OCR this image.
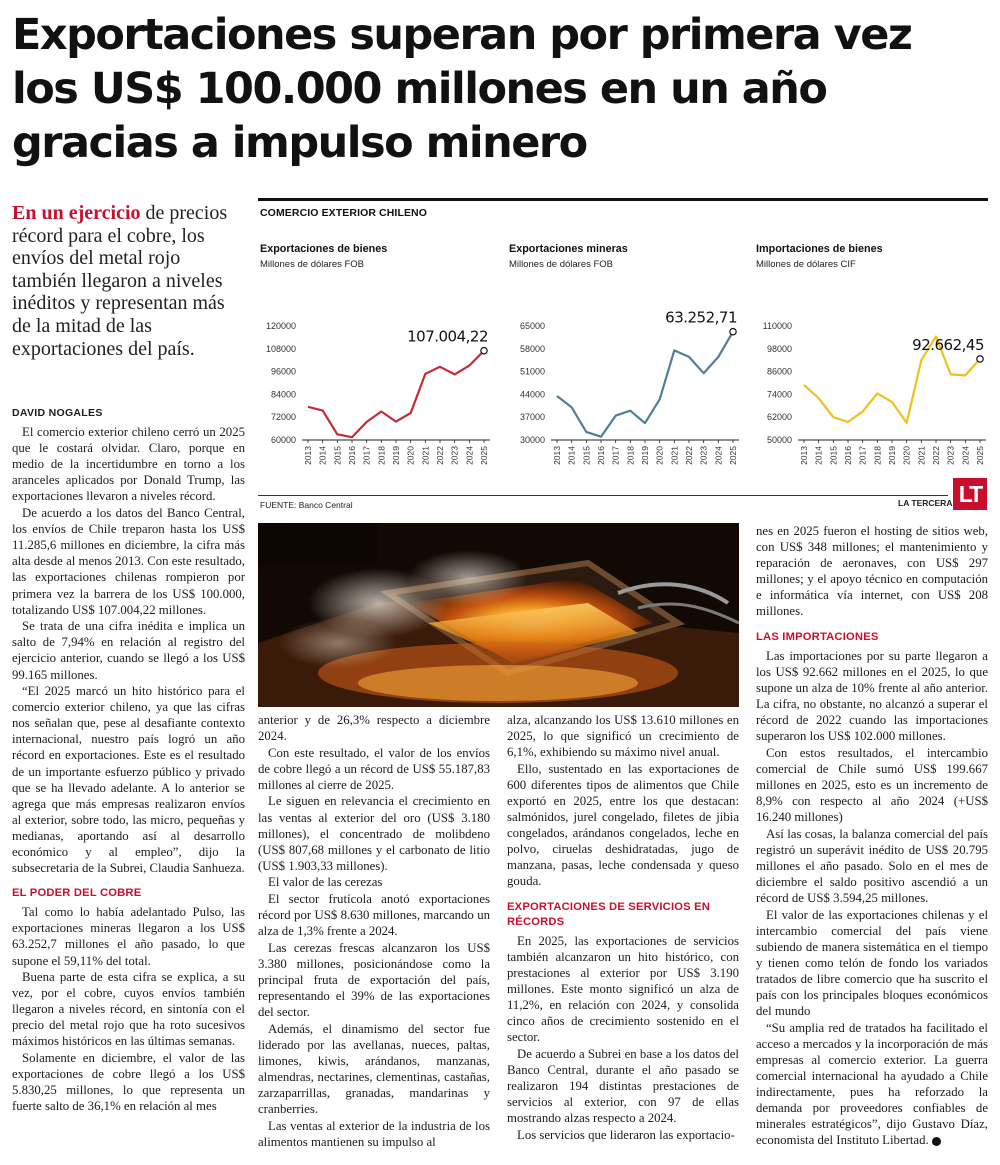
Exportaciones superan por primera vez los US$ 100.000 millones en un año gracias a impulso minero
En un ejercicio de precios récord para el cobre, los envíos del metal rojo también llegaron a niveles inéditos y representan más de la mitad de las exportaciones del país.
DAVID NOGALES

El comercio exterior chileno cerró un 2025 que le costará olvidar. Claro, porque en medio de la incertidumbre en torno a los aranceles aplicados por Donald Trump, las exportaciones llevaron a niveles récord.

De acuerdo a los datos del Banco Central, los envíos de Chile treparon hasta los US$ 11.285,6 millones en diciembre, la cifra más alta desde al menos 2013. Con este resultado, las exportaciones chilenas rompieron por primera vez la barrera de los US$ 100.000, totalizando US$ 107.004,22 millones.

Se trata de una cifra inédita e implica un salto de 7,94% en relación al registro del ejercicio anterior, cuando se llegó a los US$ 99.165 millones.

“El 2025 marcó un hito histórico para el comercio exterior chileno, ya que las cifras nos señalan que, pese al desafiante contexto internacional, nuestro país logró un año récord en exportaciones. Este es el resultado de un importante esfuerzo público y privado que se ha llevado adelante. A lo anterior se agrega que más empresas realizaron envíos al exterior, sobre todo, las micro, pequeñas y medianas, aportando así al desarrollo económico y al empleo”, dijo la subsecretaria de la Subrei, Claudia Sanhueza.

EL PODER DEL COBRE

Tal como lo había adelantado Pulso, las exportaciones mineras llegaron a los US$ 63.252,7 millones el año pasado, lo que supone el 59,11% del total.

Buena parte de esta cifra se explica, a su vez, por el cobre, cuyos envíos también llegaron a niveles récord, en sintonía con el precio del metal rojo que ha roto sucesivos máximos históricos en las últimas semanas.

Solamente en diciembre, el valor de las exportaciones de cobre llegó a los US$ 5.830,25 millones, lo que representa un fuerte salto de 36,1% en relación al mes

anterior y de 26,3% respecto a diciembre 2024.

Con este resultado, el valor de los envíos de cobre llegó a un récord de US$ 55.187,83 millones al cierre de 2025.

Le siguen en relevancia el crecimiento en las ventas al exterior del oro (US$ 3.180 millones), el concentrado de molibdeno (US$ 807,68 millones y el carbonato de litio (US$ 1.903,33 millones).

El valor de las cerezas

El sector frutícola anotó exportaciones récord por US$ 8.630 millones, marcando un alza de 1,3% frente a 2024.

Las cerezas frescas alcanzaron los US$ 3.380 millones, posicionándose como la principal fruta de exportación del país, representando el 39% de las exportaciones del sector.

Además, el dinamismo del sector fue liderado por las avellanas, nueces, paltas, limones, kiwis, arándanos, manzanas, almendras, nectarines, clementinas, castañas, zarzaparrillas, granadas, mandarinas y cranberries.

Las ventas al exterior de la industria de los alimentos mantienen su impulso al

alza, alcanzando los US$ 13.610 millones en 2025, lo que significó un crecimiento de 6,1%, exhibiendo su máximo nivel anual.

Ello, sustentado en las exportaciones de 600 diferentes tipos de alimentos que Chile exportó en 2025, entre los que destacan: salmónidos, jurel congelado, filetes de jibia congelados, arándanos congelados, leche en polvo, ciruelas deshidratadas, jugo de manzana, pasas, leche condensada y queso gouda.

EXPORTACIONES DE SERVICIOS EN RÉCORDS

En 2025, las exportaciones de servicios también alcanzaron un hito histórico, con prestaciones al exterior por US$ 3.190 millones. Este monto significó un alza de 11,2%, en relación con 2024, y consolida cinco años de crecimiento sostenido en el sector.

De acuerdo a Subrei en base a los datos del Banco Central, durante el año pasado se realizaron 194 distintas prestaciones de servicios al exterior, con 97 de ellas mostrando alzas respecto a 2024.

Los servicios que lideraron las exportacio-

nes en 2025 fueron el hosting de sitios web, con US$ 348 millones; el mantenimiento y reparación de aeronaves, con US$ 297 millones; y el apoyo técnico en computación e informática vía internet, con US$ 208 millones.

LAS IMPORTACIONES

Las importaciones por su parte llegaron a los US$ 92.662 millones en el 2025, lo que supone un alza de 10% frente al año anterior. La cifra, no obstante, no alcanzó a superar el récord de 2022 cuando las importaciones superaron los US$ 102.000 millones.

Con estos resultados, el intercambio comercial de Chile sumó US$ 199.667 millones en 2025, esto es un incremento de 8,9% con respecto al año 2024 (+US$ 16.240 millones)

Así las cosas, la balanza comercial del país registró un superávit inédito de US$ 20.795 millones el año pasado. Solo en el mes de diciembre el saldo positivo ascendió a un récord de US$ 3.594,25 millones.

El valor de las exportaciones chilenas y el intercambio comercial del país viene subiendo de manera sistemática en el tiempo y tienen como telón de fondo los variados tratados de libre comercio que ha suscrito el país con los principales bloques económicos del mundo

“Su amplia red de tratados ha facilitado el acceso a mercados y la incorporación de más empresas al comercio exterior. La guerra comercial internacional ha ayudado a Chile indirectamente, pues ha reforzado la demanda por proveedores confiables de minerales estratégicos”, dijo Gustavo Díaz, economista del Instituto Libertad.

COMERCIO EXTERIOR CHILENO
120000
108000
96000
84000
72000
60000
2013 2014 2015 2016 2017 2018 2019 2020 2021 2022 2023 2024 2025
107.004,22
Exportaciones de bienes
Millones de dólares FOB
65000
58000
51000
44000
37000
30000
2013 2014 2015 2016 2017 2018 2019 2020 2021 2022 2023 2024 2025
63.252,71
Exportaciones mineras
Millones de dólares FOB
110000
98000
86000
74000
62000
50000
2013 2014 2015 2016 2017 2018 2019 2020 2021 2022 2023 2024 2025
92.662,45
Importaciones de bienes
Millones de dólares CIF
FUENTE: Banco Central	LA TERCERA LT
